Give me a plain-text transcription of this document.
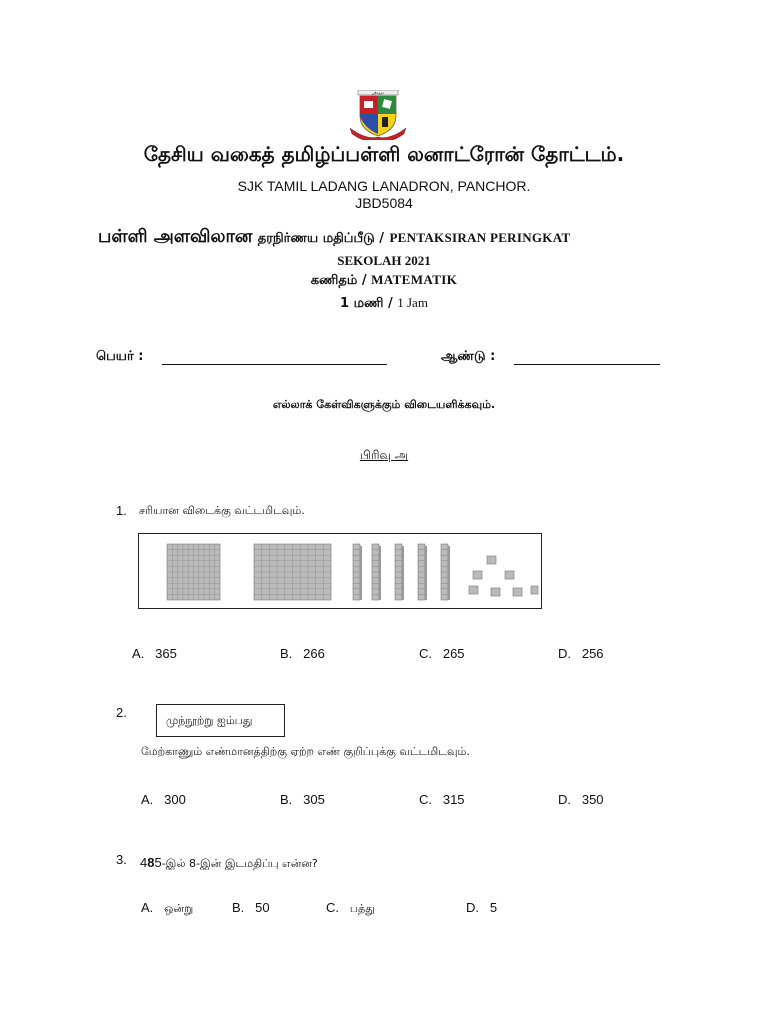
ஸ்ரீகந்தா
தேசிய வகைத் தமிழ்ப்பள்ளி லனாட்ரோன் தோட்டம்.
SJK TAMIL LADANG LANADRON, PANCHOR.
JBD5084
பள்ளி அளவிலான தரநிர்ணய மதிப்பீடு / PENTAKSIRAN PERINGKAT
SEKOLAH 2021
கணிதம் / MATEMATIK
1 மணி / 1 Jam
பெயர் :	ஆண்டு :
எல்லாக் கேள்விகளுக்கும் விடையளிக்கவும்.
பிரிவு அ
1. சரியான விடைக்கு வட்டமிடவும்.
A. 365	B. 266	C. 265	D. 256
2.
முந்நூற்று ஐம்பது
மேற்காணும் எண்மானத்திற்கு ஏற்ற எண் குறிப்புக்கு வட்டமிடவும்.
A. 300	B. 305	C. 315	D. 350
3. 485-இல் 8-இன் இடமதிப்பு என்ன?
A. ஒன்று	B. 50	C. பத்து	D. 5
